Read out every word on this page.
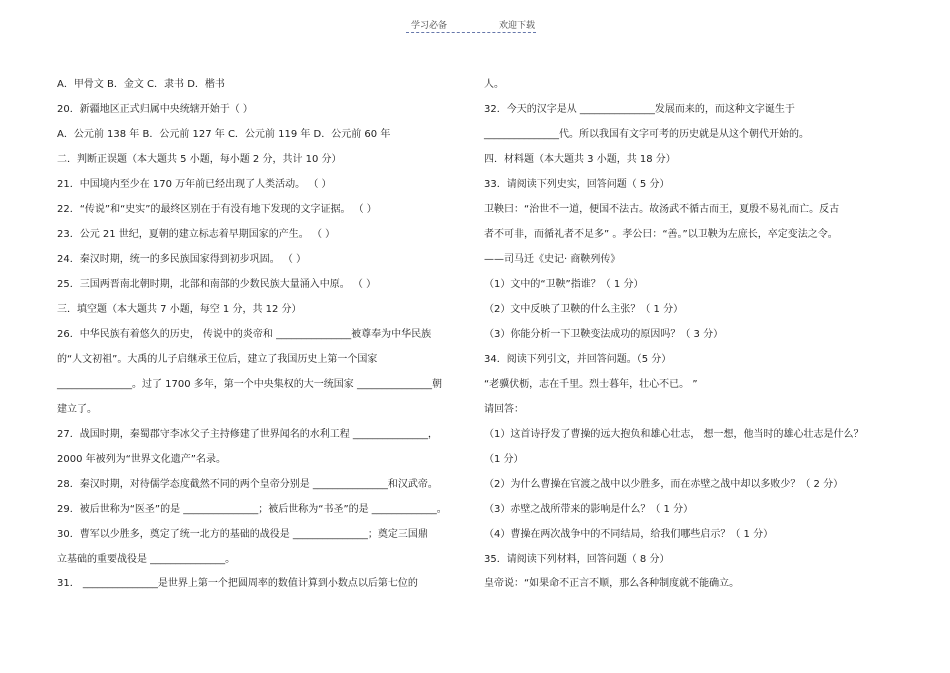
学习必备	欢迎下载
A．甲骨文 B．金文 C．隶书 D．楷书
20．新疆地区正式归属中央统辖开始于（ ）
A．公元前 138 年 B．公元前 127 年 C．公元前 119 年 D．公元前 60 年
二．判断正误题（本大题共 5 小题，每小题 2 分，共计 10 分）
21．中国境内至少在 170 万年前已经出现了人类活动。 （ ）
22．“传说”和“史实”的最终区别在于有没有地下发现的文字证据。 （ ）
23．公元 21 世纪，夏朝的建立标志着早期国家的产生。 （ ）
24．秦汉时期，统一的多民族国家得到初步巩固。 （ ）
25．三国两晋南北朝时期，北部和南部的少数民族大量涌入中原。 （ ）
三．填空题（本大题共 7 小题，每空 1 分，共 12 分）
26．中华民族有着悠久的历史， 传说中的炎帝和 _______________被尊奉为中华民族
的“人文初祖”。大禹的儿子启继承王位后，建立了我国历史上第一个国家
_______________。过了 1700 多年，第一个中央集权的大一统国家 _______________朝
建立了。
27．战国时期，秦蜀郡守李冰父子主持修建了世界闻名的水利工程 _______________，
2000 年被列为“世界文化遗产”名录。
28．秦汉时期，对待儒学态度截然不同的两个皇帝分别是 _______________和汉武帝。
29．被后世称为“医圣”的是 _______________；被后世称为“书圣”的是 _____________。
30．曹军以少胜多，奠定了统一北方的基础的战役是 _______________；奠定三国鼎
立基础的重要战役是 _______________。
31． _______________是世界上第一个把圆周率的数值计算到小数点以后第七位的
人。
32．今天的汉字是从 _______________发展而来的，而这种文字诞生于
_______________代。所以我国有文字可考的历史就是从这个朝代开始的。
四．材料题（本大题共 3 小题，共 18 分）
33．请阅读下列史实，回答问题（ 5 分）
卫鞅曰：“治世不一道，便国不法古。故汤武不循古而王，夏殷不易礼而亡。反古
者不可非，而循礼者不足多” 。孝公曰：“善。”以卫鞅为左庶长，卒定变法之令。
——司马迁《史记· 商鞅列传》
（1）文中的“卫鞅”指谁？（ 1 分）
（2）文中反映了卫鞅的什么主张？（ 1 分）
（3）你能分析一下卫鞅变法成功的原因吗？（ 3 分）
34．阅读下列引文，并回答问题。（5 分）
“老骥伏枥，志在千里。烈士暮年，壮心不已。 ”
请回答：
（1）这首诗抒发了曹操的远大抱负和雄心壮志， 想一想，他当时的雄心壮志是什么？
（1 分）
（2）为什么曹操在官渡之战中以少胜多，而在赤壁之战中却以多败少？（ 2 分）
（3）赤壁之战所带来的影响是什么？（ 1 分）
（4）曹操在两次战争中的不同结局，给我们哪些启示？（ 1 分）
35．请阅读下列材料，回答问题（ 8 分）
皇帝说：“如果命不正言不顺，那么各种制度就不能确立。
